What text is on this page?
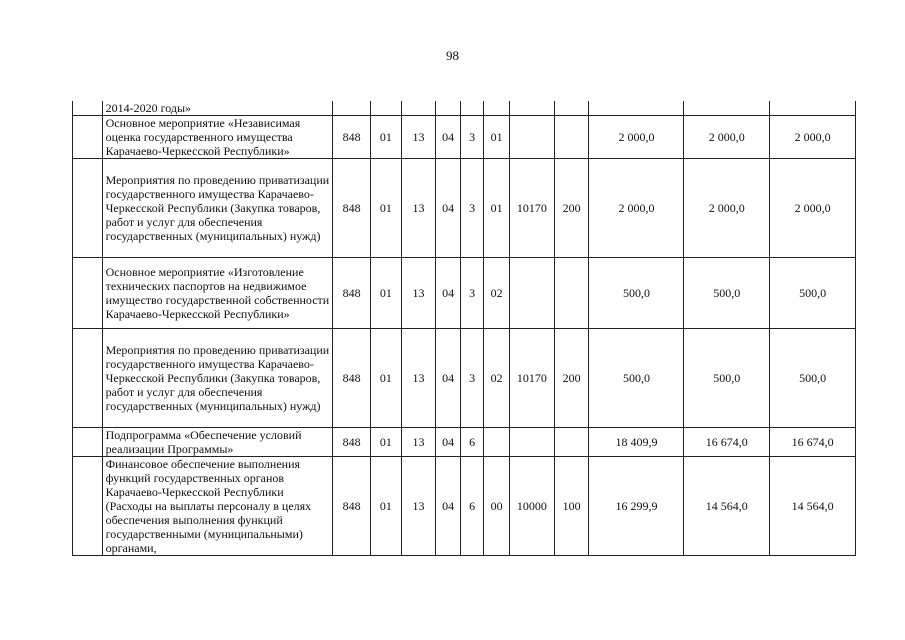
98
	2014-2020 годы»											
	Основное мероприятие «Независимая оценка государственного имущества Карачаево-Черкесской Республики»	848	01	13	04	3	01			2 000,0	2 000,0	2 000,0
	Мероприятия по проведению приватизации государственного имущества Карачаево-Черкесской Республики (Закупка товаров, работ и услуг для обеспечения государственных (муниципальных) нужд)	848	01	13	04	3	01	10170	200	2 000,0	2 000,0	2 000,0
	Основное мероприятие «Изготовление технических паспортов на недвижимое имущество государственной собственности Карачаево-Черкесской Республики»	848	01	13	04	3	02			500,0	500,0	500,0
	Мероприятия по проведению приватизации государственного имущества Карачаево-Черкесской Республики (Закупка товаров, работ и услуг для обеспечения государственных (муниципальных) нужд)	848	01	13	04	3	02	10170	200	500,0	500,0	500,0
	Подпрограмма «Обеспечение условий реализации Программы»	848	01	13	04	6				18 409,9	16 674,0	16 674,0
	Финансовое обеспечение выполнения функций государственных органов Карачаево-Черкесской Республики (Расходы на выплаты персоналу в целях обеспечения выполнения функций государственными (муниципальными) органами,	848	01	13	04	6	00	10000	100	16 299,9	14 564,0	14 564,0
